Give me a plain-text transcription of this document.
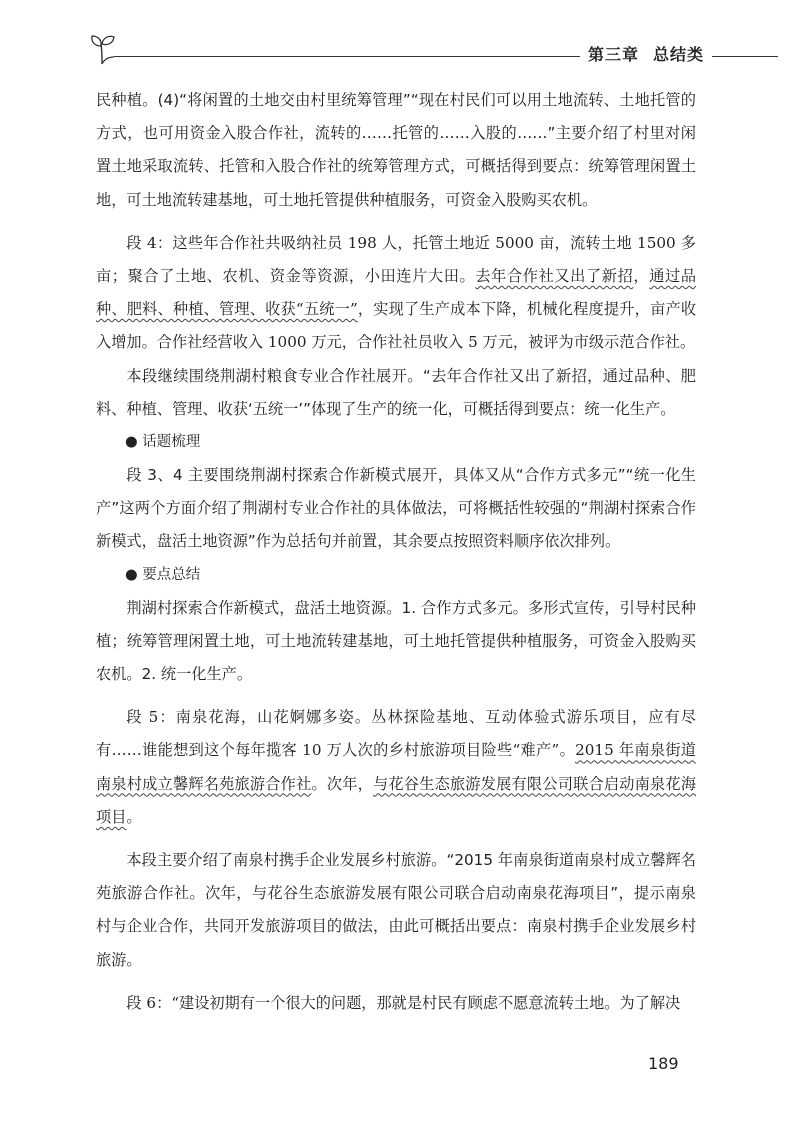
第三章 总结类

民种植。(4)“将闲置的土地交由村里统筹管理”“现在村民们可以用土地流转、土地托管的方式，也可用资金入股合作社，流转的……托管的……入股的……”主要介绍了村里对闲置土地采取流转、托管和入股合作社的统筹管理方式，可概括得到要点：统筹管理闲置土地，可土地流转建基地，可土地托管提供种植服务，可资金入股购买农机。

段 4：这些年合作社共吸纳社员 198 人，托管土地近 5000 亩，流转土地 1500 多亩；聚合了土地、农机、资金等资源，小田连片大田。去年合作社又出了新招，通过品种、肥料、种植、管理、收获“五统一”，实现了生产成本下降，机械化程度提升，亩产收入增加。合作社经营收入 1000 万元，合作社社员收入 5 万元，被评为市级示范合作社。

本段继续围绕荆湖村粮食专业合作社展开。“去年合作社又出了新招，通过品种、肥料、种植、管理、收获‘五统一’”体现了生产的统一化，可概括得到要点：统一化生产。

● 话题梳理

段 3、4 主要围绕荆湖村探索合作新模式展开，具体又从“合作方式多元”“统一化生产”这两个方面介绍了荆湖村专业合作社的具体做法，可将概括性较强的“荆湖村探索合作新模式，盘活土地资源”作为总括句并前置，其余要点按照资料顺序依次排列。

● 要点总结

荆湖村探索合作新模式，盘活土地资源。1. 合作方式多元。多形式宣传，引导村民种植；统筹管理闲置土地，可土地流转建基地，可土地托管提供种植服务，可资金入股购买农机。2. 统一化生产。

段 5：南泉花海，山花婀娜多姿。丛林探险基地、互动体验式游乐项目，应有尽有……谁能想到这个每年揽客 10 万人次的乡村旅游项目险些“难产”。2015 年南泉街道南泉村成立馨辉名苑旅游合作社。次年，与花谷生态旅游发展有限公司联合启动南泉花海项目。

本段主要介绍了南泉村携手企业发展乡村旅游。“2015 年南泉街道南泉村成立馨辉名苑旅游合作社。次年，与花谷生态旅游发展有限公司联合启动南泉花海项目”，提示南泉村与企业合作，共同开发旅游项目的做法，由此可概括出要点：南泉村携手企业发展乡村旅游。

段 6：“建设初期有一个很大的问题，那就是村民有顾虑不愿意流转土地。为了解决

189
